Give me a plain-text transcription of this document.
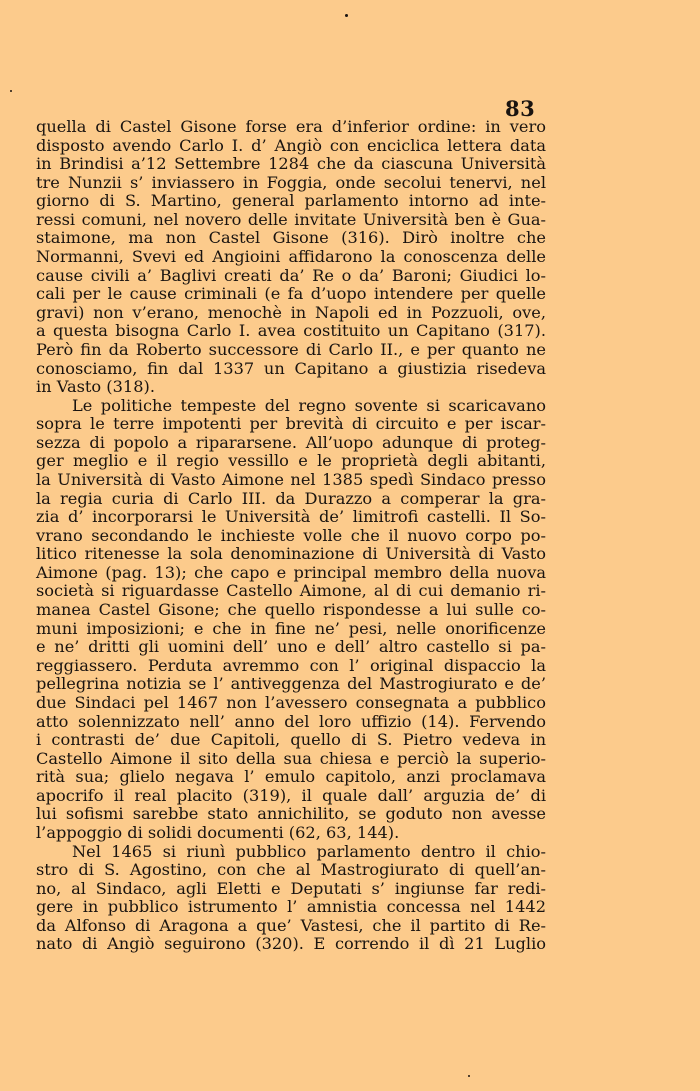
83
quella di Castel Gisone forse era d’inferior ordine: in vero
disposto avendo Carlo I. d’ Angiò con enciclica lettera data
in Brindisi a’12 Settembre 1284 che da ciascuna Università
tre Nunzii s’ inviassero in Foggia, onde secolui tenervi, nel
giorno di S. Martino, general parlamento intorno ad inte-
ressi comuni, nel novero delle invitate Università ben è Gua-
staimone, ma non Castel Gisone (316). Dirò inoltre che
Normanni, Svevi ed Angioini affidarono la conoscenza delle
cause civili a’ Baglivi creati da’ Re o da’ Baroni; Giudici lo-
cali per le cause criminali (e fa d’uopo intendere per quelle
gravi) non v’erano, menochè in Napoli ed in Pozzuoli, ove,
a questa bisogna Carlo I. avea costituito un Capitano (317).
Però fin da Roberto successore di Carlo II., e per quanto ne
conosciamo, fin dal 1337 un Capitano a giustizia risedeva
in Vasto (318).
Le politiche tempeste del regno sovente si scaricavano
sopra le terre impotenti per brevità di circuito e per iscar-
sezza di popolo a ripararsene. All’uopo adunque di proteg-
ger meglio e il regio vessillo e le proprietà degli abitanti,
la Università di Vasto Aimone nel 1385 spedì Sindaco presso
la regia curia di Carlo III. da Durazzo a comperar la gra-
zia d’ incorporarsi le Università de’ limitrofi castelli. Il So-
vrano secondando le inchieste volle che il nuovo corpo po-
litico ritenesse la sola denominazione di Università di Vasto
Aimone (pag. 13); che capo e principal membro della nuova
società si riguardasse Castello Aimone, al di cui demanio ri-
manea Castel Gisone; che quello rispondesse a lui sulle co-
muni imposizioni; e che in fine ne’ pesi, nelle onorificenze
e ne’ dritti gli uomini dell’ uno e dell’ altro castello si pa-
reggiassero. Perduta avremmo con l’ original dispaccio la
pellegrina notizia se l’ antiveggenza del Mastrogiurato e de’
due Sindaci pel 1467 non l’avessero consegnata a pubblico
atto solennizzato nell’ anno del loro uffizio (14). Fervendo
i contrasti de’ due Capitoli, quello di S. Pietro vedeva in
Castello Aimone il sito della sua chiesa e perciò la superio-
rità sua; glielo negava l’ emulo capitolo, anzi proclamava
apocrifo il real placito (319), il quale dall’ arguzia de’ di
lui sofismi sarebbe stato annichilito, se goduto non avesse
l’appoggio di solidi documenti (62, 63, 144).
Nel 1465 si riunì pubblico parlamento dentro il chio-
stro di S. Agostino, con che al Mastrogiurato di quell’an-
no, al Sindaco, agli Eletti e Deputati s’ ingiunse far redi-
gere in pubblico istrumento l’ amnistia concessa nel 1442
da Alfonso di Aragona a que’ Vastesi, che il partito di Re-
nato di Angiò seguirono (320). E correndo il dì 21 Luglio
